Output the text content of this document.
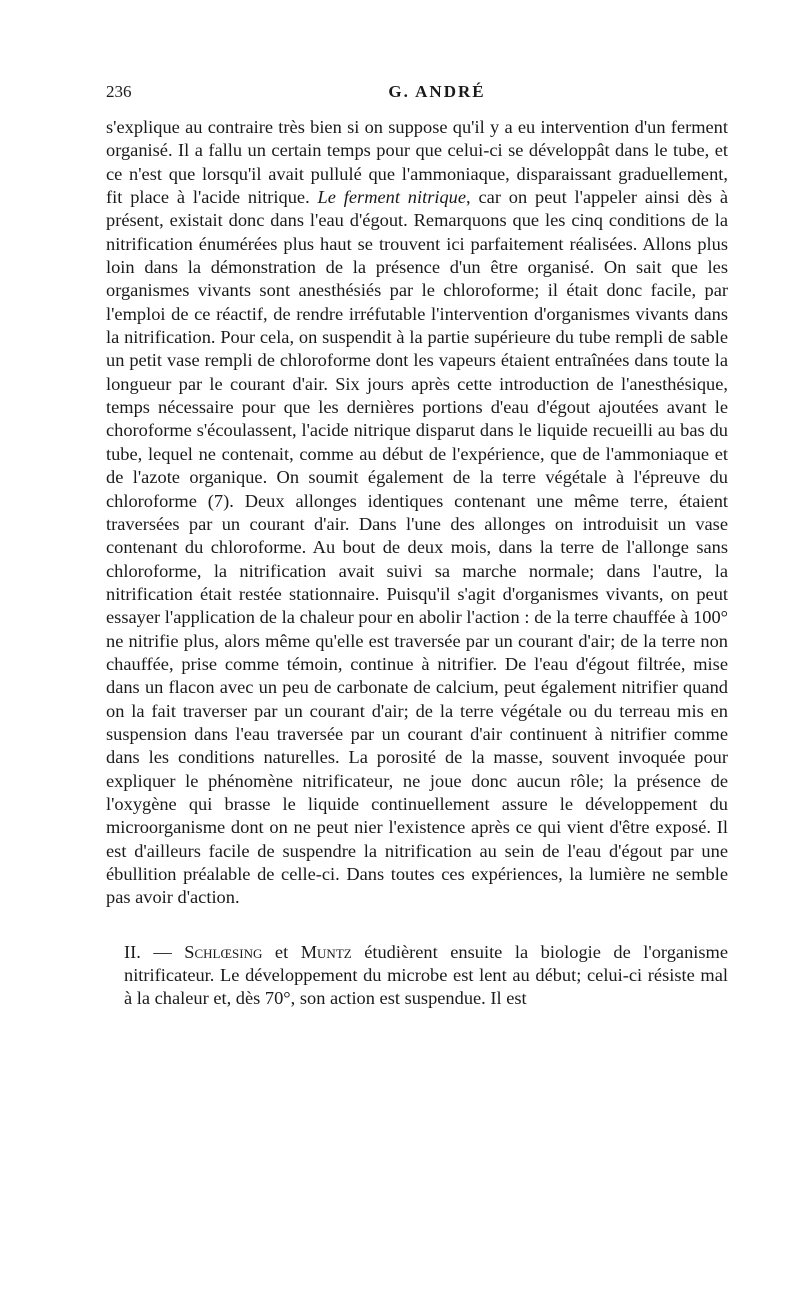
236	G. ANDRÉ

s'explique au contraire très bien si on suppose qu'il y a eu intervention d'un ferment organisé. Il a fallu un certain temps pour que celui-ci se développât dans le tube, et ce n'est que lorsqu'il avait pullulé que l'ammoniaque, disparaissant graduellement, fit place à l'acide nitrique. Le ferment nitrique, car on peut l'appeler ainsi dès à présent, existait donc dans l'eau d'égout. Remarquons que les cinq conditions de la nitrification énumérées plus haut se trouvent ici parfaitement réalisées. Allons plus loin dans la démonstration de la présence d'un être organisé. On sait que les organismes vivants sont anesthésiés par le chloroforme; il était donc facile, par l'emploi de ce réactif, de rendre irréfutable l'intervention d'organismes vivants dans la nitrification. Pour cela, on suspendit à la partie supérieure du tube rempli de sable un petit vase rempli de chloroforme dont les vapeurs étaient entraînées dans toute la longueur par le courant d'air. Six jours après cette introduction de l'anesthésique, temps nécessaire pour que les dernières portions d'eau d'égout ajoutées avant le choroforme s'écoulassent, l'acide nitrique disparut dans le liquide recueilli au bas du tube, lequel ne contenait, comme au début de l'expérience, que de l'ammoniaque et de l'azote organique. On soumit également de la terre végétale à l'épreuve du chloroforme (7). Deux allonges identiques contenant une même terre, étaient traversées par un courant d'air. Dans l'une des allonges on introduisit un vase contenant du chloroforme. Au bout de deux mois, dans la terre de l'allonge sans chloroforme, la nitrification avait suivi sa marche normale; dans l'autre, la nitrification était restée stationnaire. Puisqu'il s'agit d'organismes vivants, on peut essayer l'application de la chaleur pour en abolir l'action : de la terre chauffée à 100° ne nitrifie plus, alors même qu'elle est traversée par un courant d'air; de la terre non chauffée, prise comme témoin, continue à nitrifier. De l'eau d'égout filtrée, mise dans un flacon avec un peu de carbonate de calcium, peut également nitrifier quand on la fait traverser par un courant d'air; de la terre végétale ou du terreau mis en suspension dans l'eau traversée par un courant d'air continuent à nitrifier comme dans les conditions naturelles. La porosité de la masse, souvent invoquée pour expliquer le phénomène nitrificateur, ne joue donc aucun rôle; la présence de l'oxygène qui brasse le liquide continuellement assure le développement du microorganisme dont on ne peut nier l'existence après ce qui vient d'être exposé. Il est d'ailleurs facile de suspendre la nitrification au sein de l'eau d'égout par une ébullition préalable de celle-ci. Dans toutes ces expériences, la lumière ne semble pas avoir d'action.

II. — Schlœsing et Muntz étudièrent ensuite la biologie de l'organisme nitrificateur. Le développement du microbe est lent au début; celui-ci résiste mal à la chaleur et, dès 70°, son action est suspendue. Il est
